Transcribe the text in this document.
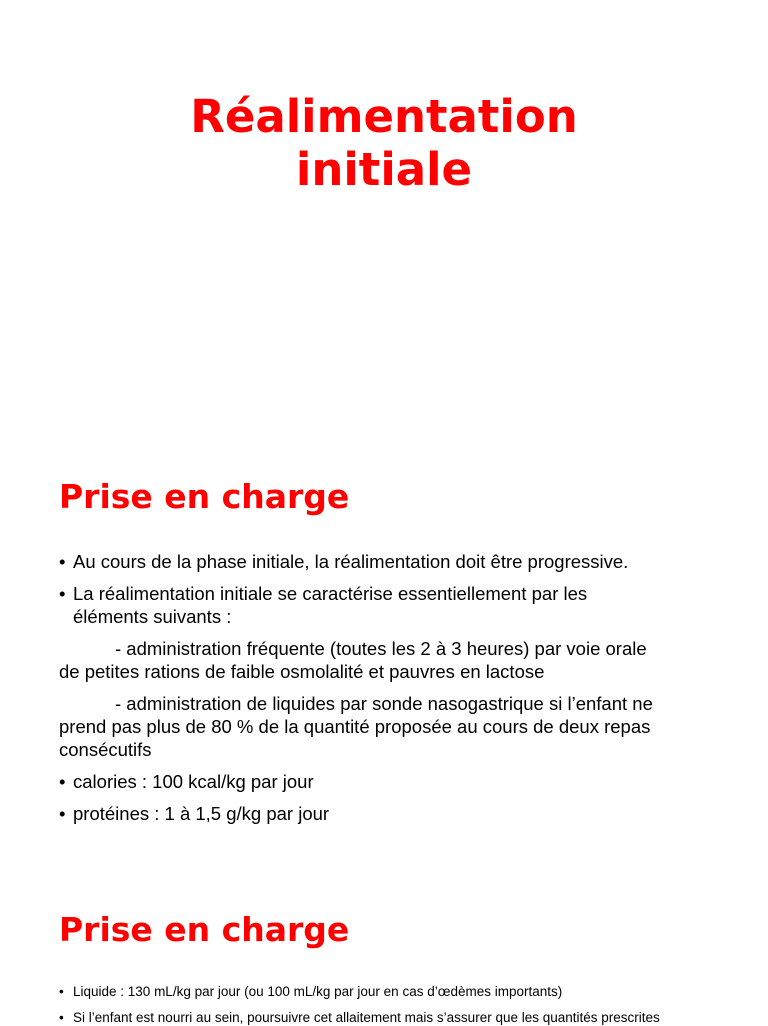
Réalimentation
initiale
Prise en charge
• Au cours de la phase initiale, la réalimentation doit être progressive.
• La réalimentation initiale se caractérise essentiellement par les
éléments suivants :
- administration fréquente (toutes les 2 à 3 heures) par voie orale
de petites rations de faible osmolalité et pauvres en lactose
- administration de liquides par sonde nasogastrique si l’enfant ne
prend pas plus de 80 % de la quantité proposée au cours de deux repas
consécutifs
• calories : 100 kcal/kg par jour
• protéines : 1 à 1,5 g/kg par jour
Prise en charge
• Liquide : 130 mL/kg par jour (ou 100 mL/kg par jour en cas d’œdèmes importants)
• Si l’enfant est nourri au sein, poursuivre cet allaitement mais s’assurer que les quantités prescrites
